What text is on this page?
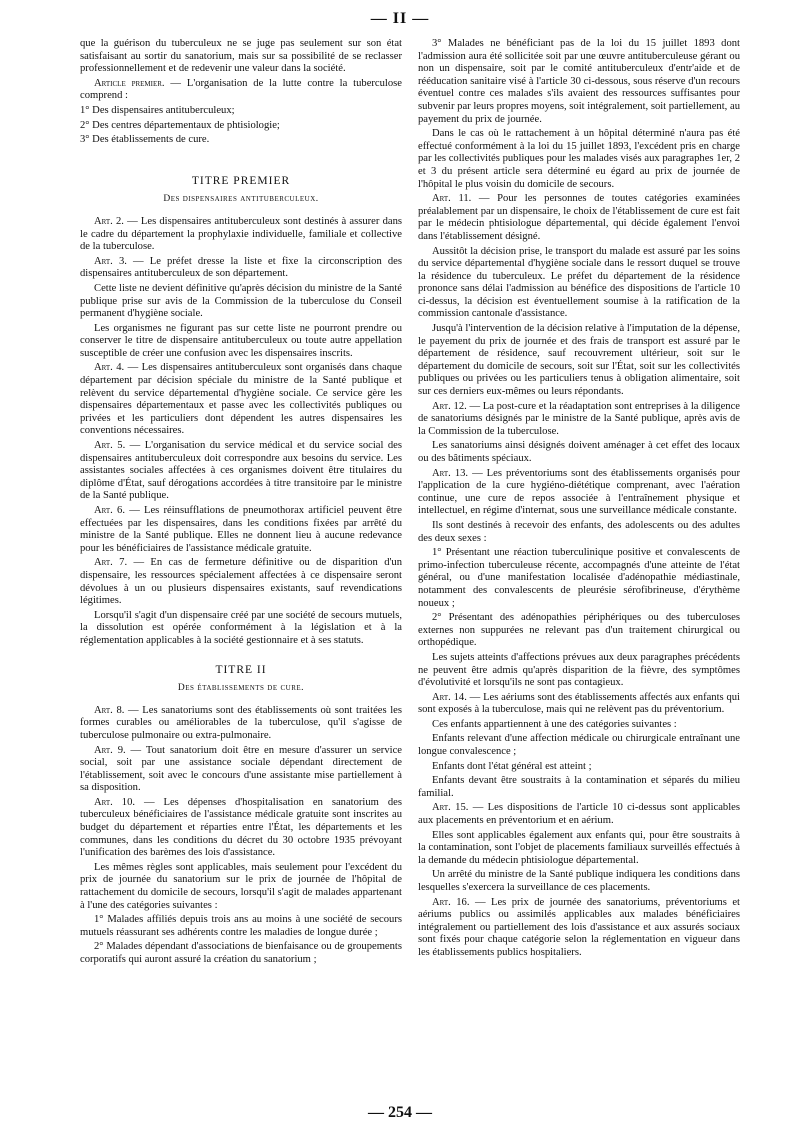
— II —

que la guérison du tuberculeux ne se juge pas seulement sur son état satisfaisant au sortir du sanatorium, mais sur sa possibilité de se reclasser professionnellement et de redevenir une valeur dans la société.

Article premier. — L'organisation de la lutte contre la tuberculose comprend :

1° Des dispensaires antituberculeux;

2° Des centres départementaux de phtisiologie;

3° Des établissements de cure.

TITRE PREMIER
Des dispensaires antituberculeux.

Art. 2. — Les dispensaires antituberculeux sont destinés à assurer dans le cadre du département la prophylaxie individuelle, familiale et collective de la tuberculose.

Art. 3. — Le préfet dresse la liste et fixe la circonscription des dispensaires antituberculeux de son département.

Cette liste ne devient définitive qu'après décision du ministre de la Santé publique prise sur avis de la Commission de la tuberculose du Conseil permanent d'hygiène sociale.

Les organismes ne figurant pas sur cette liste ne pourront prendre ou conserver le titre de dispensaire antituberculeux ou toute autre appellation susceptible de créer une confusion avec les dispensaires inscrits.

Art. 4. — Les dispensaires antituberculeux sont organisés dans chaque département par décision spéciale du ministre de la Santé publique et relèvent du service départemental d'hygiène sociale. Ce service gère les dispensaires départementaux et passe avec les collectivités publiques ou privées et les particuliers dont dépendent les autres dispensaires les conventions nécessaires.

Art. 5. — L'organisation du service médical et du service social des dispensaires antituberculeux doit correspondre aux besoins du service. Les assistantes sociales affectées à ces organismes doivent être titulaires du diplôme d'État, sauf dérogations accordées à titre transitoire par le ministre de la Santé publique.

Art. 6. — Les réinsufflations de pneumothorax artificiel peuvent être effectuées par les dispensaires, dans les conditions fixées par arrêté du ministre de la Santé publique. Elles ne donnent lieu à aucune redevance pour les bénéficiaires de l'assistance médicale gratuite.

Art. 7. — En cas de fermeture définitive ou de disparition d'un dispensaire, les ressources spécialement affectées à ce dispensaire seront dévolues à un ou plusieurs dispensaires existants, sauf revendications légitimes.

Lorsqu'il s'agit d'un dispensaire créé par une société de secours mutuels, la dissolution est opérée conformément à la législation et à la réglementation applicables à la société gestionnaire et à ses statuts.

TITRE II
Des établissements de cure.

Art. 8. — Les sanatoriums sont des établissements où sont traitées les formes curables ou améliorables de la tuberculose, qu'il s'agisse de tuberculose pulmonaire ou extra-pulmonaire.

Art. 9. — Tout sanatorium doit être en mesure d'assurer un service social, soit par une assistance sociale dépendant directement de l'établissement, soit avec le concours d'une assistante mise partiellement à sa disposition.

Art. 10. — Les dépenses d'hospitalisation en sanatorium des tuberculeux bénéficiaires de l'assistance médicale gratuite sont inscrites au budget du département et réparties entre l'État, les départements et les communes, dans les conditions du décret du 30 octobre 1935 prévoyant l'unification des barèmes des lois d'assistance.

Les mêmes règles sont applicables, mais seulement pour l'excédent du prix de journée du sanatorium sur le prix de journée de l'hôpital de rattachement du domicile de secours, lorsqu'il s'agit de malades appartenant à l'une des catégories suivantes :

1° Malades affiliés depuis trois ans au moins à une société de secours mutuels réassurant ses adhérents contre les maladies de longue durée ;

2° Malades dépendant d'associations de bienfaisance ou de groupements corporatifs qui auront assuré la création du sanatorium ;

3° Malades ne bénéficiant pas de la loi du 15 juillet 1893 dont l'admission aura été sollicitée soit par une œuvre antituberculeuse gérant ou non un dispensaire, soit par le comité antituberculeux d'entr'aide et de rééducation sanitaire visé à l'article 30 ci-dessous, sous réserve d'un recours éventuel contre ces malades s'ils avaient des ressources suffisantes pour subvenir par leurs propres moyens, soit intégralement, soit partiellement, au payement du prix de journée.

Dans le cas où le rattachement à un hôpital déterminé n'aura pas été effectué conformément à la loi du 15 juillet 1893, l'excédent pris en charge par les collectivités publiques pour les malades visés aux paragraphes 1er, 2 et 3 du présent article sera déterminé eu égard au prix de journée de l'hôpital le plus voisin du domicile de secours.

Art. 11. — Pour les personnes de toutes catégories examinées préalablement par un dispensaire, le choix de l'établissement de cure est fait par le médecin phtisiologue départemental, qui décide également l'envoi dans l'établissement désigné.

Aussitôt la décision prise, le transport du malade est assuré par les soins du service départemental d'hygiène sociale dans le ressort duquel se trouve la résidence du tuberculeux. Le préfet du département de la résidence prononce sans délai l'admission au bénéfice des dispositions de l'article 10 ci-dessus, la décision est éventuellement soumise à la ratification de la commission cantonale d'assistance.

Jusqu'à l'intervention de la décision relative à l'imputation de la dépense, le payement du prix de journée et des frais de transport est assuré par le département de résidence, sauf recouvrement ultérieur, soit sur le département du domicile de secours, soit sur l'État, soit sur les collectivités publiques ou privées ou les particuliers tenus à obligation alimentaire, soit sur ces derniers eux-mêmes ou leurs répondants.

Art. 12. — La post-cure et la réadaptation sont entreprises à la diligence de sanatoriums désignés par le ministre de la Santé publique, après avis de la Commission de la tuberculose.

Les sanatoriums ainsi désignés doivent aménager à cet effet des locaux ou des bâtiments spéciaux.

Art. 13. — Les préventoriums sont des établissements organisés pour l'application de la cure hygiéno-diététique comprenant, avec l'aération continue, une cure de repos associée à l'entraînement physique et intellectuel, en régime d'internat, sous une surveillance médicale constante.

Ils sont destinés à recevoir des enfants, des adolescents ou des adultes des deux sexes :

1° Présentant une réaction tuberculinique positive et convalescents de primo-infection tuberculeuse récente, accompagnés d'une atteinte de l'état général, ou d'une manifestation localisée d'adénopathie médiastinale, notamment des convalescents de pleurésie sérofibrineuse, d'érythème noueux ;

2° Présentant des adénopathies périphériques ou des tuberculoses externes non suppurées ne relevant pas d'un traitement chirurgical ou orthopédique.

Les sujets atteints d'affections prévues aux deux paragraphes précédents ne peuvent être admis qu'après disparition de la fièvre, des symptômes d'évolutivité et lorsqu'ils ne sont pas contagieux.

Art. 14. — Les aériums sont des établissements affectés aux enfants qui sont exposés à la tuberculose, mais qui ne relèvent pas du préventorium.

Ces enfants appartiennent à une des catégories suivantes :

Enfants relevant d'une affection médicale ou chirurgicale entraînant une longue convalescence ;

Enfants dont l'état général est atteint ;

Enfants devant être soustraits à la contamination et séparés du milieu familial.

Art. 15. — Les dispositions de l'article 10 ci-dessus sont applicables aux placements en préventorium et en aérium.

Elles sont applicables également aux enfants qui, pour être soustraits à la contamination, sont l'objet de placements familiaux surveillés effectués à la demande du médecin phtisiologue départemental.

Un arrêté du ministre de la Santé publique indiquera les conditions dans lesquelles s'exercera la surveillance de ces placements.

Art. 16. — Les prix de journée des sanatoriums, préventoriums et aériums publics ou assimilés applicables aux malades bénéficiaires intégralement ou partiellement des lois d'assistance et aux assurés sociaux sont fixés pour chaque catégorie selon la réglementation en vigueur dans les établissements publics hospitaliers.

— 254 —
